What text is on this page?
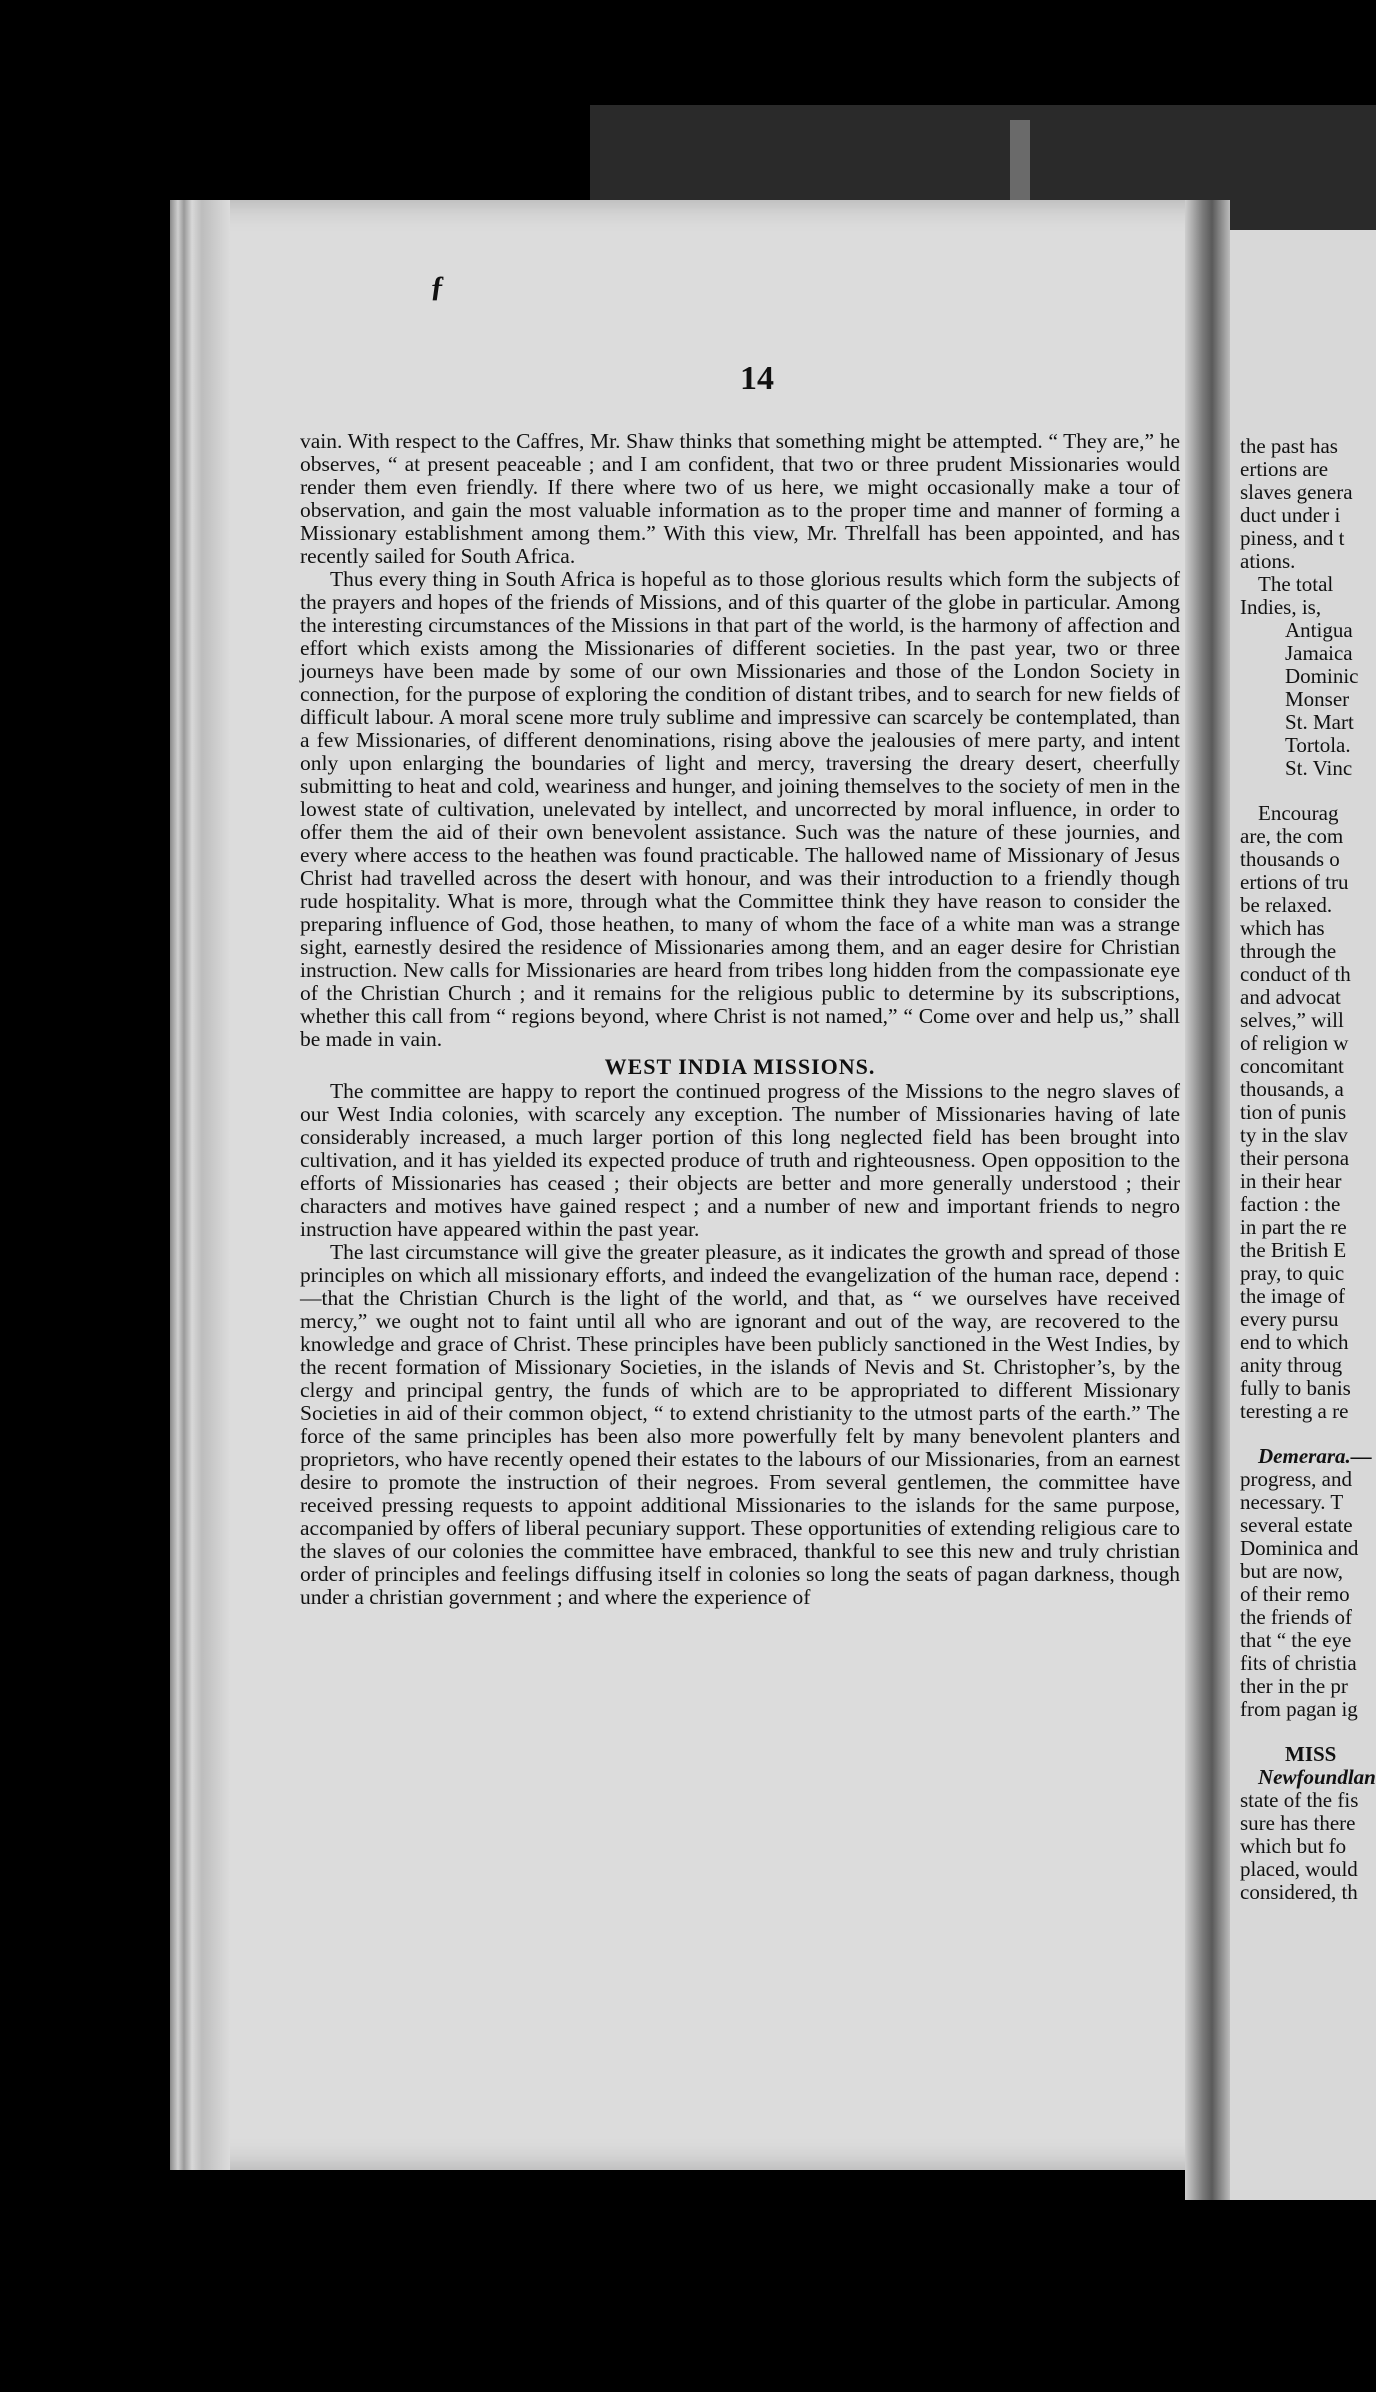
ƒ
14

vain. With respect to the Caffres, Mr. Shaw thinks that something might be attempted. “ They are,” he observes, “ at present peaceable ; and I am confident, that two or three prudent Missionaries would render them even friendly. If there where two of us here, we might occasionally make a tour of observation, and gain the most valuable information as to the proper time and manner of forming a Missionary establishment among them.” With this view, Mr. Threlfall has been appointed, and has recently sailed for South Africa.

Thus every thing in South Africa is hopeful as to those glorious results which form the subjects of the prayers and hopes of the friends of Missions, and of this quarter of the globe in particular. Among the interesting circumstances of the Missions in that part of the world, is the harmony of affection and effort which exists among the Missionaries of different societies. In the past year, two or three journeys have been made by some of our own Missionaries and those of the London Society in connection, for the purpose of exploring the condition of distant tribes, and to search for new fields of difficult labour. A moral scene more truly sublime and impressive can scarcely be contemplated, than a few Missionaries, of different denominations, rising above the jealousies of mere party, and intent only upon enlarging the boundaries of light and mercy, traversing the dreary desert, cheerfully submitting to heat and cold, weariness and hunger, and joining themselves to the society of men in the lowest state of cultivation, unelevated by intellect, and uncorrected by moral influence, in order to offer them the aid of their own benevolent assistance. Such was the nature of these journies, and every where access to the heathen was found practicable. The hallowed name of Missionary of Jesus Christ had travelled across the desert with honour, and was their introduction to a friendly though rude hospitality. What is more, through what the Committee think they have reason to consider the preparing influence of God, those heathen, to many of whom the face of a white man was a strange sight, earnestly desired the residence of Missionaries among them, and an eager desire for Christian instruction. New calls for Missionaries are heard from tribes long hidden from the compassionate eye of the Christian Church ; and it remains for the religious public to determine by its subscriptions, whether this call from “ regions beyond, where Christ is not named,” “ Come over and help us,” shall be made in vain.

WEST INDIA MISSIONS.

The committee are happy to report the continued progress of the Missions to the negro slaves of our West India colonies, with scarcely any exception. The number of Missionaries having of late considerably increased, a much larger portion of this long neglected field has been brought into cultivation, and it has yielded its expected produce of truth and righteousness. Open opposition to the efforts of Missionaries has ceased ; their objects are better and more generally understood ; their characters and motives have gained respect ; and a number of new and important friends to negro instruction have appeared within the past year.

The last circumstance will give the greater pleasure, as it indicates the growth and spread of those principles on which all missionary efforts, and indeed the evangelization of the human race, depend :—that the Christian Church is the light of the world, and that, as “ we ourselves have received mercy,” we ought not to faint until all who are ignorant and out of the way, are recovered to the knowledge and grace of Christ. These principles have been publicly sanctioned in the West Indies, by the recent formation of Missionary Societies, in the islands of Nevis and St. Christopher’s, by the clergy and principal gentry, the funds of which are to be appropriated to different Missionary Societies in aid of their common object, “ to extend christianity to the utmost parts of the earth.” The force of the same principles has been also more powerfully felt by many benevolent planters and proprietors, who have recently opened their estates to the labours of our Missionaries, from an earnest desire to promote the instruction of their negroes. From several gentlemen, the committee have received pressing requests to appoint additional Missionaries to the islands for the same purpose, accompanied by offers of liberal pecuniary support. These opportunities of extending religious care to the slaves of our colonies the committee have embraced, thankful to see this new and truly christian order of principles and feelings diffusing itself in colonies so long the seats of pagan darkness, though under a christian government ; and where the experience of

the past has
ertions are
slaves genera
duct under i
piness, and t
ations.
The total
Indies, is,
Antigua
Jamaica
Dominic
Monser
St. Mart
Tortola.
St. Vinc
Encourag
are, the com
thousands o
ertions of tru
be relaxed.
which has
through the
conduct of th
and advocat
selves,” will
of religion w
concomitant
thousands, a
tion of punis
ty in the slav
their persona
in their hear
faction : the
in part the re
the British E
pray, to quic
the image of
every pursu
end to which
anity throug
fully to banis
teresting a re
Demerara.—
progress, and
necessary. T
several estate
Dominica and
but are now,
of their remo
the friends of
that “ the eye
fits of christia
ther in the pr
from pagan ig
MISS
Newfoundlan
state of the fis
sure has there
which but fo
placed, would
considered, th
